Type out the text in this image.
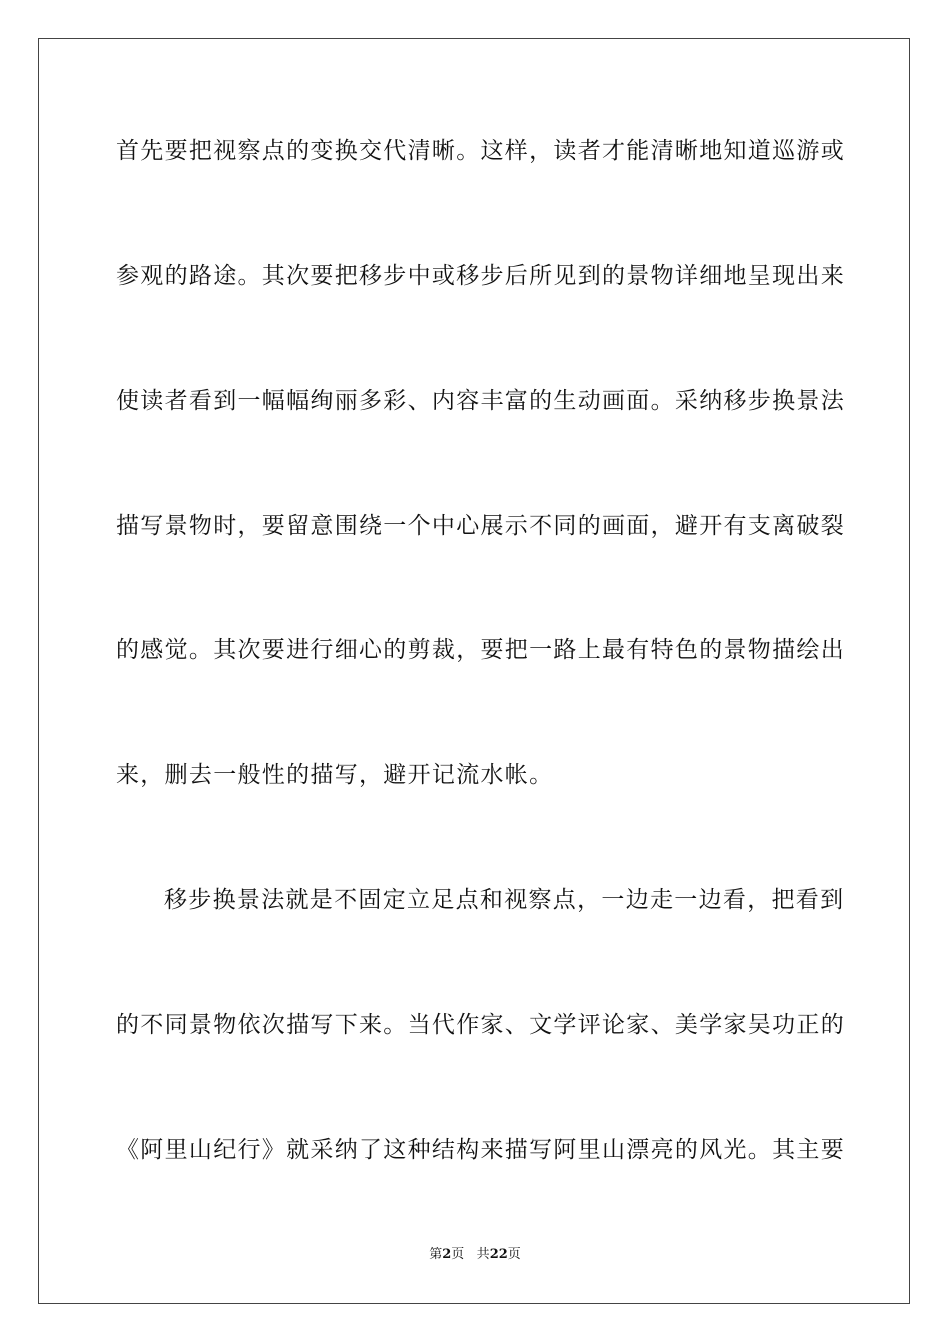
首先要把视察点的变换交代清晰。这样，读者才能清晰地知道巡游或
参观的路途。其次要把移步中或移步后所见到的景物详细地呈现出来
使读者看到一幅幅绚丽多彩、内容丰富的生动画面。采纳移步换景法
描写景物时，要留意围绕一个中心展示不同的画面，避开有支离破裂
的感觉。其次要进行细心的剪裁，要把一路上最有特色的景物描绘出
来，删去一般性的描写，避开记流水帐。
移步换景法就是不固定立足点和视察点，一边走一边看，把看到
的不同景物依次描写下来。当代作家、文学评论家、美学家吴功正的
《阿里山纪行》就采纳了这种结构来描写阿里山漂亮的风光。其主要
第2页 共22页
